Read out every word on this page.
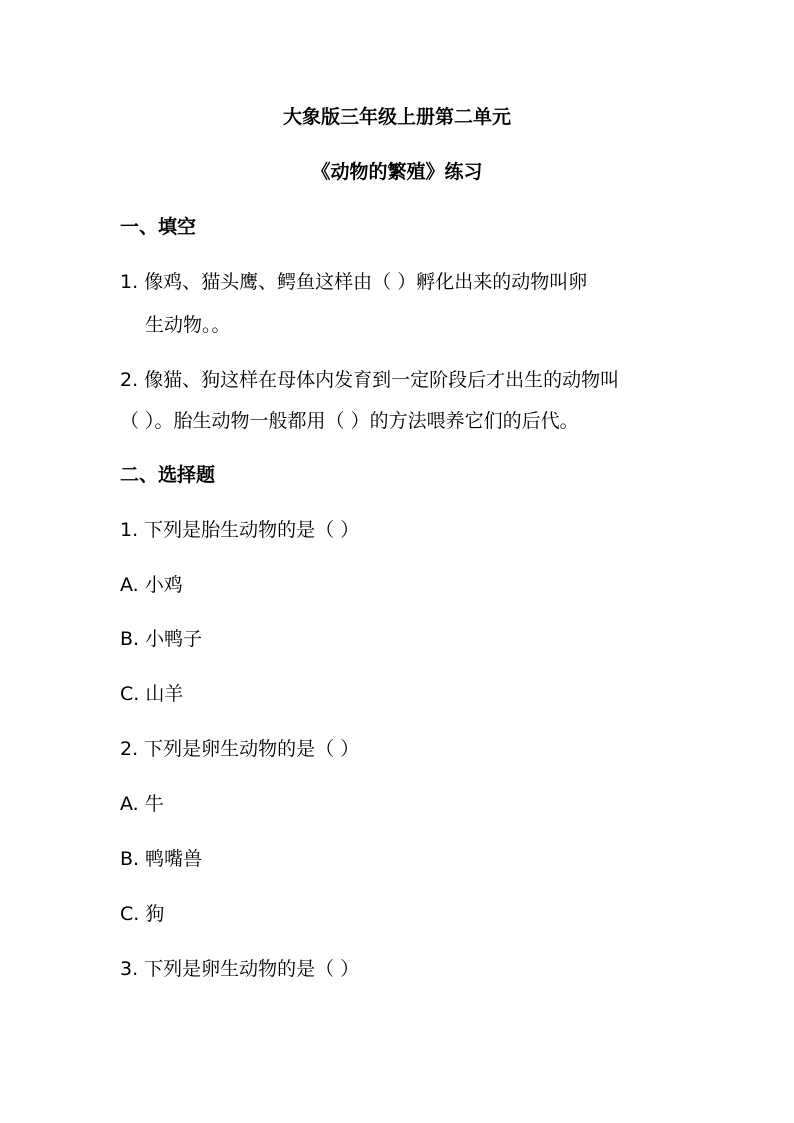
大象版三年级上册第二单元
《动物的繁殖》练习
一、填空
1. 像鸡、猫头鹰、鳄鱼这样由（ ）孵化出来的动物叫卵
生动物。。
2. 像猫、狗这样在母体内发育到一定阶段后才出生的动物叫
（ ）。胎生动物一般都用（ ）的方法喂养它们的后代。
二、选择题
1. 下列是胎生动物的是（ ）
A. 小鸡
B. 小鸭子
C. 山羊
2. 下列是卵生动物的是（ ）
A. 牛
B. 鸭嘴兽
C. 狗
3. 下列是卵生动物的是（ ）
